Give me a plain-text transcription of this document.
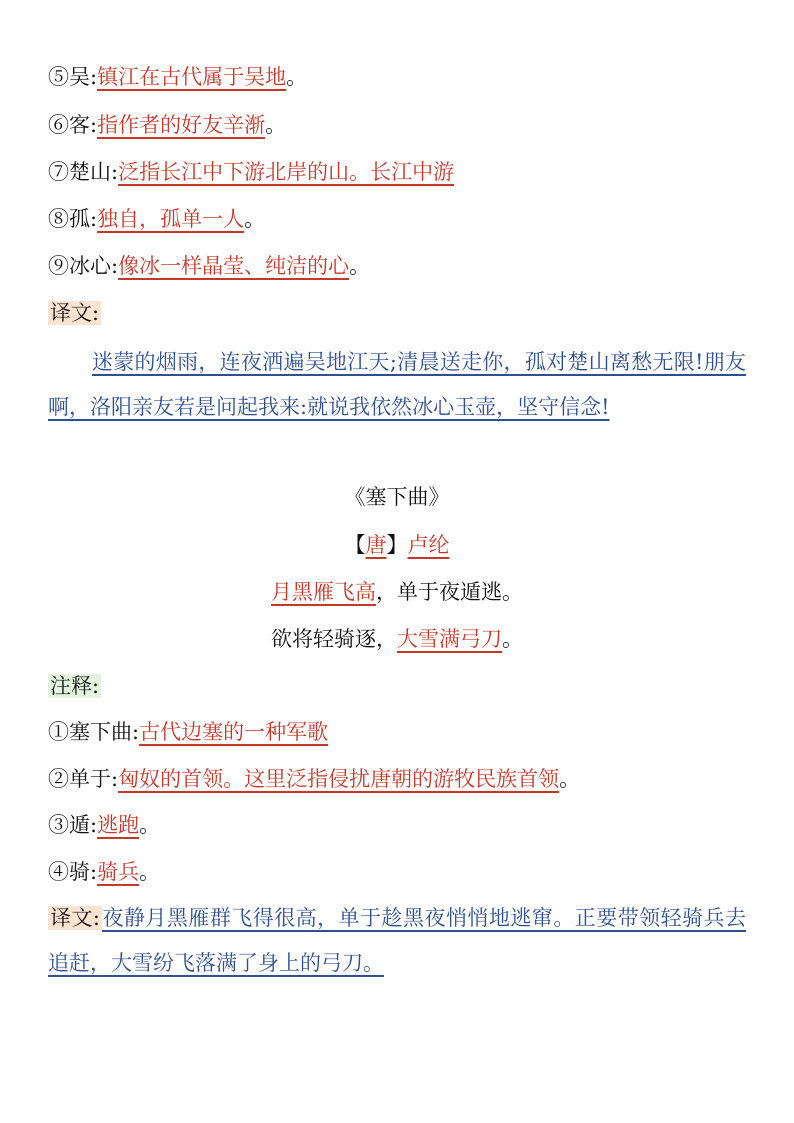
⑤吴:镇江在古代属于吴地。
⑥客:指作者的好友辛渐。
⑦楚山:泛指长江中下游北岸的山。长江中游
⑧孤:独自，孤单一人。
⑨冰心:像冰一样晶莹、纯洁的心。
译文:
迷蒙的烟雨，连夜洒遍吴地江天;清晨送走你，孤对楚山离愁无限!朋友啊，洛阳亲友若是问起我来:就说我依然冰心玉壶，坚守信念!
《塞下曲》
【唐】卢纶
月黑雁飞高，单于夜遁逃。
欲将轻骑逐，大雪满弓刀。
注释:
①塞下曲:古代边塞的一种军歌
②单于:匈奴的首领。这里泛指侵扰唐朝的游牧民族首领。
③遁:逃跑。
④骑:骑兵。
译文:夜静月黑雁群飞得很高，单于趁黑夜悄悄地逃窜。正要带领轻骑兵去追赶，大雪纷飞落满了身上的弓刀。
